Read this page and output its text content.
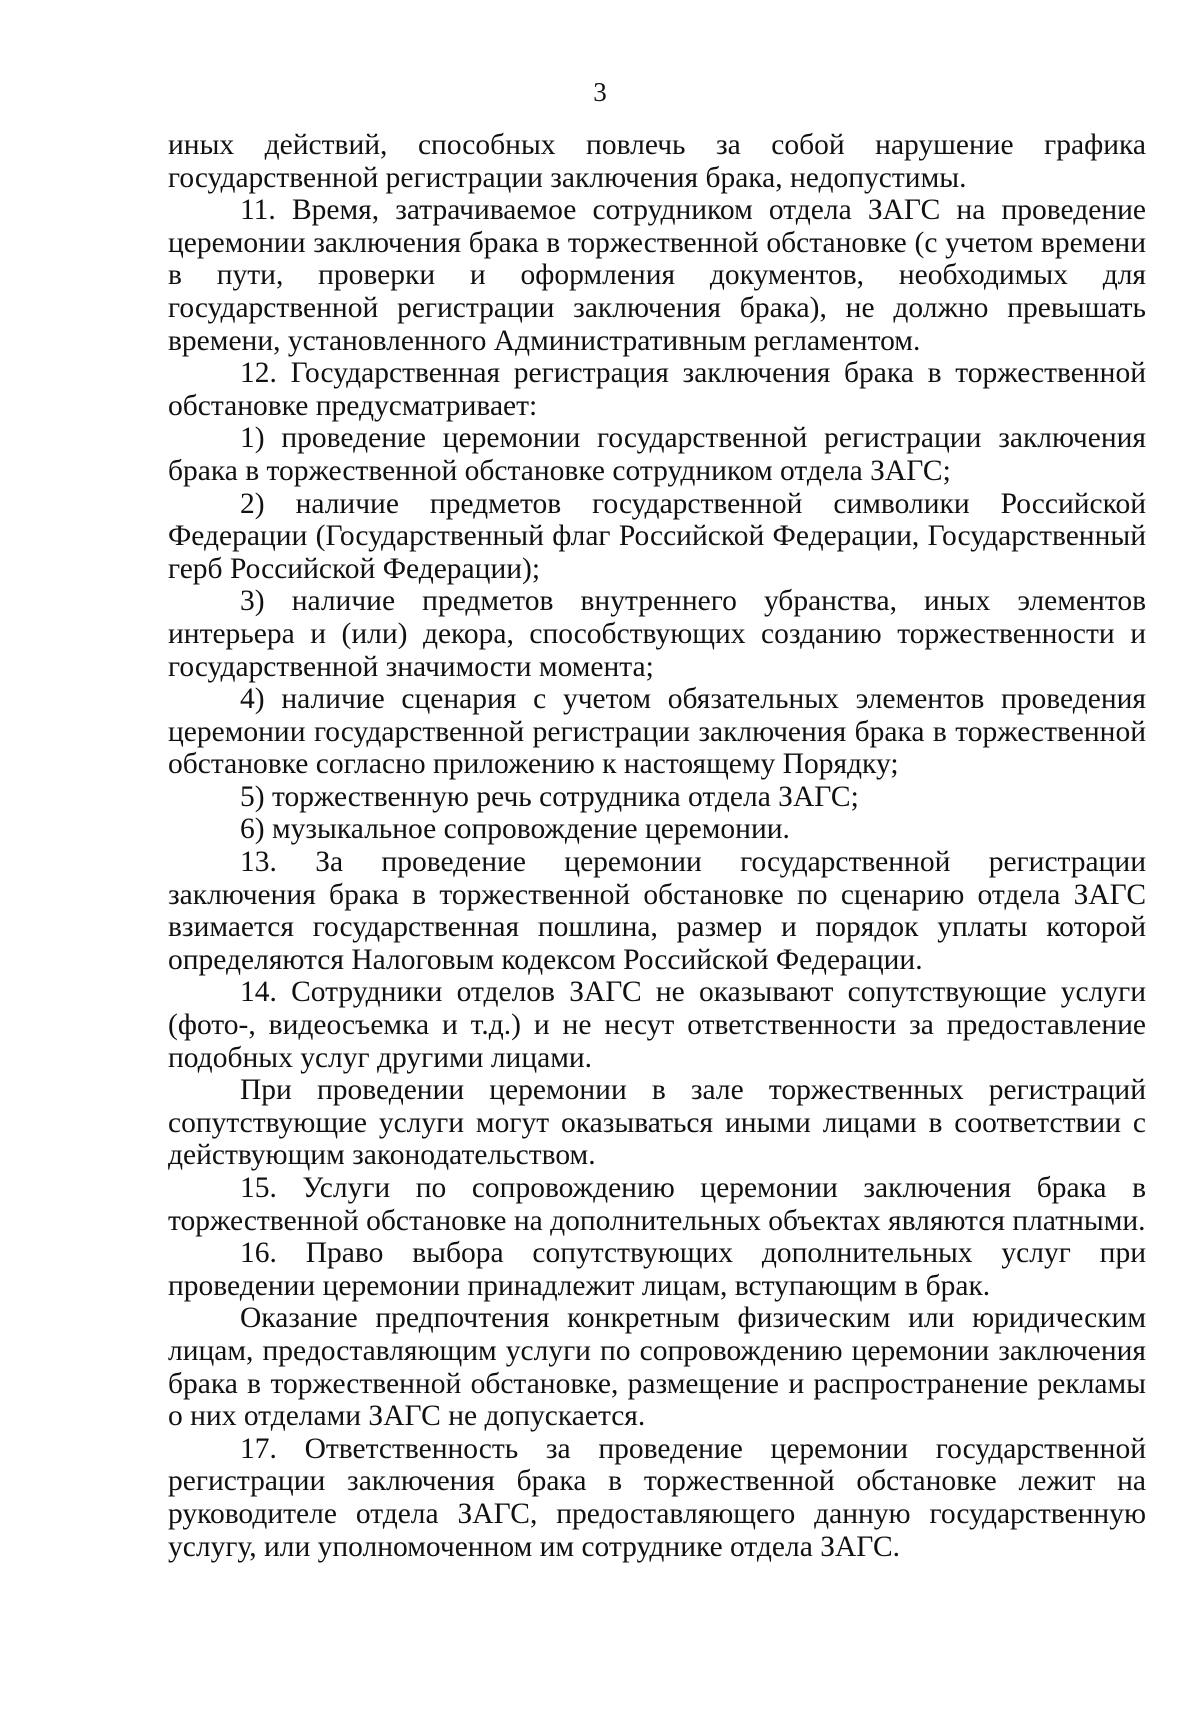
3

иных действий, способных повлечь за собой нарушение графика государственной регистрации заключения брака, недопустимы.

11. Время, затрачиваемое сотрудником отдела ЗАГС на проведение церемонии заключения брака в торжественной обстановке (с учетом времени в пути, проверки и оформления документов, необходимых для государственной регистрации заключения брака), не должно превышать времени, установленного Административным регламентом.

12. Государственная регистрация заключения брака в торжественной обстановке предусматривает:

1) проведение церемонии государственной регистрации заключения брака в торжественной обстановке сотрудником отдела ЗАГС;

2) наличие предметов государственной символики Российской Федерации (Государственный флаг Российской Федерации, Государственный герб Российской Федерации);

3) наличие предметов внутреннего убранства, иных элементов интерьера и (или) декора, способствующих созданию торжественности и государственной значимости момента;

4) наличие сценария с учетом обязательных элементов проведения церемонии государственной регистрации заключения брака в торжественной обстановке согласно приложению к настоящему Порядку;

5) торжественную речь сотрудника отдела ЗАГС;

6) музыкальное сопровождение церемонии.

13. За проведение церемонии государственной регистрации заключения брака в торжественной обстановке по сценарию отдела ЗАГС взимается государственная пошлина, размер и порядок уплаты которой определяются Налоговым кодексом Российской Федерации.

14. Сотрудники отделов ЗАГС не оказывают сопутствующие услуги (фото-, видеосъемка и т.д.) и не несут ответственности за предоставление подобных услуг другими лицами.

При проведении церемонии в зале торжественных регистраций сопутствующие услуги могут оказываться иными лицами в соответствии с действующим законодательством.

15. Услуги по сопровождению церемонии заключения брака в торжественной обстановке на дополнительных объектах являются платными.

16. Право выбора сопутствующих дополнительных услуг при проведении церемонии принадлежит лицам, вступающим в брак.

Оказание предпочтения конкретным физическим или юридическим лицам, предоставляющим услуги по сопровождению церемонии заключения брака в торжественной обстановке, размещение и распространение рекламы о них отделами ЗАГС не допускается.

17. Ответственность за проведение церемонии государственной регистрации заключения брака в торжественной обстановке лежит на руководителе отдела ЗАГС, предоставляющего данную государственную услугу, или уполномоченном им сотруднике отдела ЗАГС.
